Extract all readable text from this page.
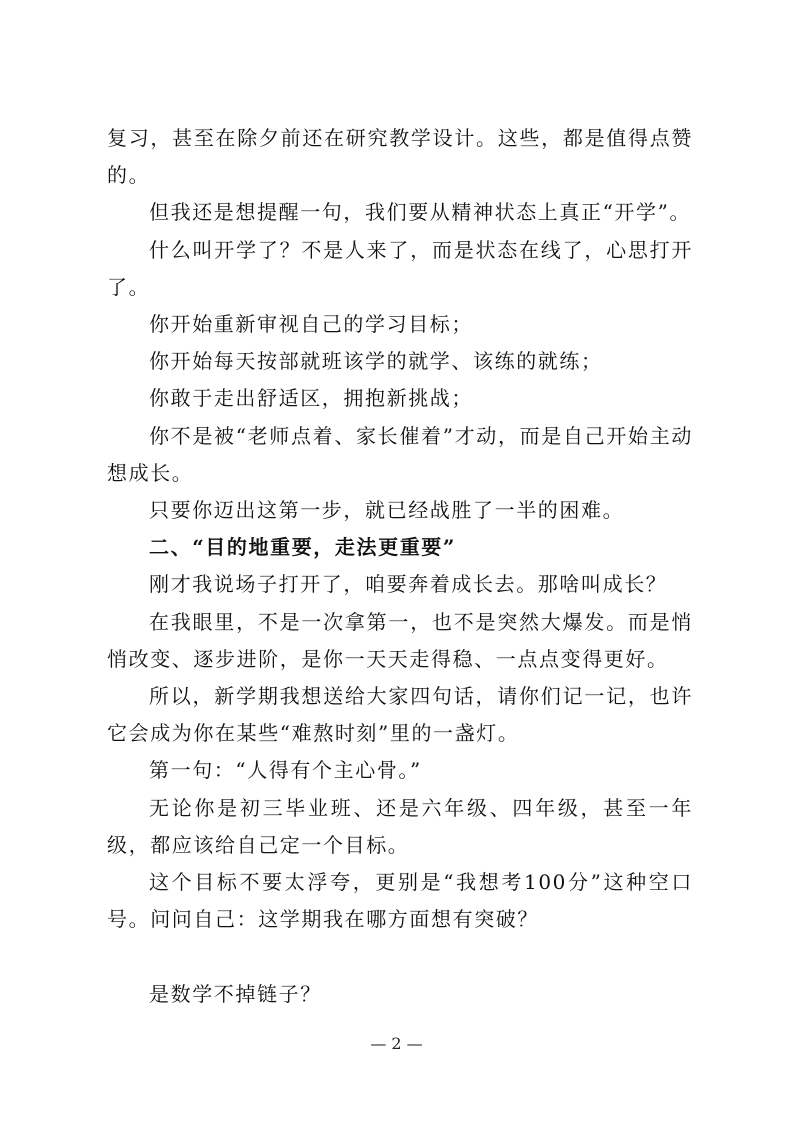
复习，甚至在除夕前还在研究教学设计。这些，都是值得点赞的。

但我还是想提醒一句，我们要从精神状态上真正“开学”。

什么叫开学了？不是人来了，而是状态在线了，心思打开了。

你开始重新审视自己的学习目标；

你开始每天按部就班该学的就学、该练的就练；

你敢于走出舒适区，拥抱新挑战；

你不是被“老师点着、家长催着”才动，而是自己开始主动想成长。

只要你迈出这第一步，就已经战胜了一半的困难。

二、“目的地重要，走法更重要”

刚才我说场子打开了，咱要奔着成长去。那啥叫成长？

在我眼里，不是一次拿第一，也不是突然大爆发。而是悄悄改变、逐步进阶，是你一天天走得稳、一点点变得更好。

所以，新学期我想送给大家四句话，请你们记一记，也许它会成为你在某些“难熬时刻”里的一盏灯。

第一句：“人得有个主心骨。”

无论你是初三毕业班、还是六年级、四年级，甚至一年级，都应该给自己定一个目标。

这个目标不要太浮夸，更别是“我想考100分”这种空口号。问问自己：这学期我在哪方面想有突破？

是数学不掉链子？

— 2 —
